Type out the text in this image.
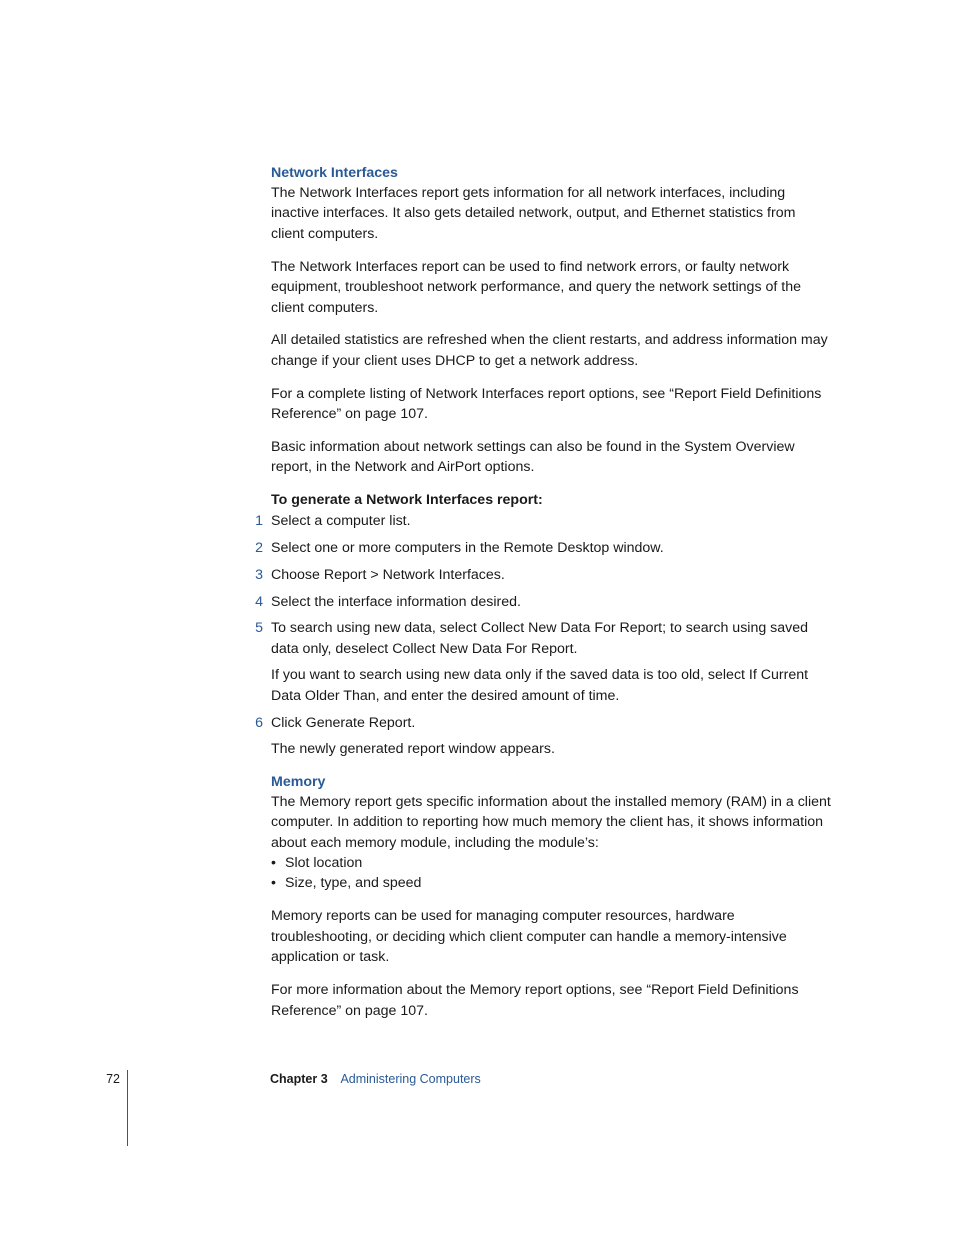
Network Interfaces

The Network Interfaces report gets information for all network interfaces, including inactive interfaces. It also gets detailed network, output, and Ethernet statistics from client computers.

The Network Interfaces report can be used to find network errors, or faulty network equipment, troubleshoot network performance, and query the network settings of the client computers.

All detailed statistics are refreshed when the client restarts, and address information may change if your client uses DHCP to get a network address.

For a complete listing of Network Interfaces report options, see “Report Field Definitions Reference” on page 107.

Basic information about network settings can also be found in the System Overview report, in the Network and AirPort options.

To generate a Network Interfaces report:
1 Select a computer list.
2 Select one or more computers in the Remote Desktop window.
3 Choose Report > Network Interfaces.
4 Select the interface information desired.
5 To search using new data, select Collect New Data For Report; to search using saved data only, deselect Collect New Data For Report.
If you want to search using new data only if the saved data is too old, select If Current Data Older Than, and enter the desired amount of time.
6 Click Generate Report.

The newly generated report window appears.

Memory

The Memory report gets specific information about the installed memory (RAM) in a client computer. In addition to reporting how much memory the client has, it shows information about each memory module, including the module’s:

• Slot location
• Size, type, and speed

Memory reports can be used for managing computer resources, hardware troubleshooting, or deciding which client computer can handle a memory-intensive application or task.

For more information about the Memory report options, see “Report Field Definitions Reference” on page 107.

72	Chapter 3 Administering Computers
